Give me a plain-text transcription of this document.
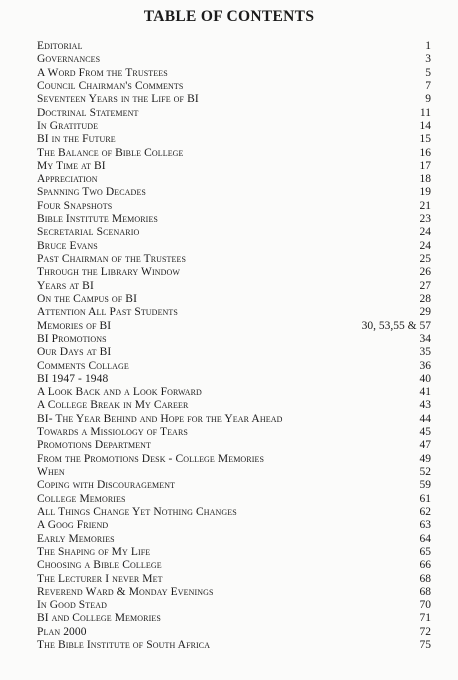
TABLE OF CONTENTS
Editorial	1
Governances	3
A Word From the Trustees	5
Council Chairman's Comments	7
Seventeen Years in the Life of BI	9
Doctrinal Statement	11
In Gratitude	14
BI in the Future	15
The Balance of Bible College	16
My Time at BI	17
Appreciation	18
Spanning Two Decades	19
Four Snapshots	21
Bible Institute Memories	23
Secretarial Scenario	24
Bruce Evans	24
Past Chairman of the Trustees	25
Through the Library Window	26
Years at BI	27
On the Campus of BI	28
Attention All Past Students	29
Memories of BI	30, 53,55 & 57
BI Promotions	34
Our Days at BI	35
Comments Collage	36
BI 1947 - 1948	40
A Look Back and a Look Forward	41
A College Break in My Career	43
BI- The Year Behind and Hope for the Year Ahead	44
Towards a Missiology of Tears	45
Promotions Department	47
From the Promotions Desk - College Memories	49
When	52
Coping with Discouragement	59
College Memories	61
All Things Change Yet Nothing Changes	62
A Goog Friend	63
Early Memories	64
The Shaping of My Life	65
Choosing a Bible College	66
The Lecturer I never Met	68
Reverend Ward & Monday Evenings	68
In Good Stead	70
BI and College Memories	71
Plan 2000	72
The Bible Institute of South Africa	75
